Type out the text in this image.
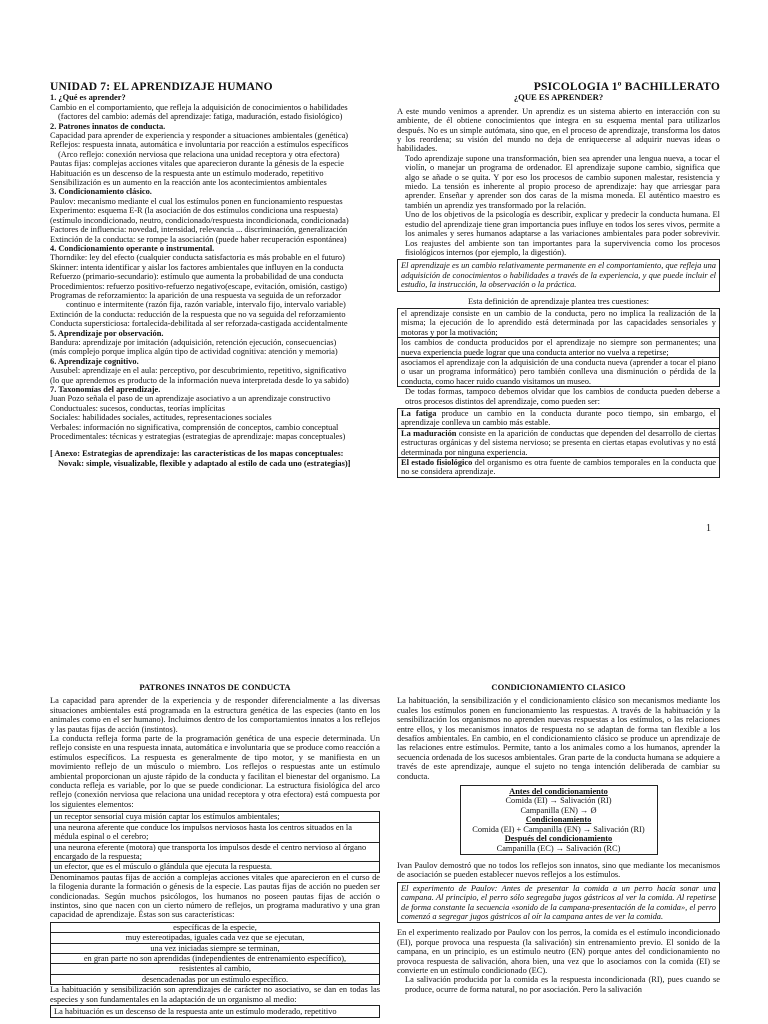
UNIDAD 7: EL APRENDIZAJE HUMANO
1. ¿Qué es aprender?
Cambio en el comportamiento, que refleja la adquisición de conocimientos o habilidades
(factores del cambio: además del aprendizaje: fatiga, maduración, estado fisiológico)
2. Patrones innatos de conducta.
Capacidad para aprender de experiencia y responder a situaciones ambientales (genética)
Reflejos: respuesta innata, automática e involuntaria por reacción a estímulos específicos
(Arco reflejo: conexión nerviosa que relaciona una unidad receptora y otra efectora)
Pautas fijas: complejas acciones vitales que aparecieron durante la génesis de la especie
Habituación es un descenso de la respuesta ante un estímulo moderado, repetitivo
Sensibilización es un aumento en la reacción ante los acontecimientos ambientales
3. Condicionamiento clásico.
Paulov: mecanismo mediante el cual los estímulos ponen en funcionamiento respuestas
Experimento: esquema E-R (la asociación de dos estímulos condiciona una respuesta)
(estímulo incondicionado, neutro, condicionado/respuesta incondicionada, condicionada)
Factores de influencia: novedad, intensidad, relevancia ... discriminación, generalización
Extinción de la conducta: se rompe la asociación (puede haber recuperación espontánea)
4. Condicionamiento operante o instrumental.
Thorndike: ley del efecto (cualquier conducta satisfactoria es más probable en el futuro)
Skinner: intenta identificar y aislar los factores ambientales que influyen en la conducta
Refuerzo (primario-secundario): estímulo que aumenta la probabilidad de una conducta
Procedimientos: refuerzo positivo-refuerzo negativo(escape, evitación, omisión, castigo)
Programas de reforzamiento: la aparición de una respuesta va seguida de un reforzador
continuo e intermitente (razón fija, razón variable, intervalo fijo, intervalo variable)
Extinción de la conducta: reducción de la respuesta que no va seguida del reforzamiento
Conducta supersticiosa: fortalecida-debilitada al ser reforzada-castigada accidentalmente
5. Aprendizaje por observación.
Bandura: aprendizaje por imitación (adquisición, retención ejecución, consecuencias)
(más complejo porque implica algún tipo de actividad cognitiva: atención y memoria)
6. Aprendizaje cognitivo.
Ausubel: aprendizaje en el aula: perceptivo, por descubrimiento, repetitivo, significativo
(lo que aprendemos es producto de la información nueva interpretada desde lo ya sabido)
7. Taxonomías del aprendizaje.
Juan Pozo señala el paso de un aprendizaje asociativo a un aprendizaje constructivo
Conductuales: sucesos, conductas, teorías implícitas
Sociales: habilidades sociales, actitudes, representaciones sociales
Verbales: información no significativa, comprensión de conceptos, cambio conceptual
Procedimentales: técnicas y estrategias (estrategias de aprendizaje: mapas conceptuales)
[ Anexo: Estrategias de aprendizaje: las características de los mapas conceptuales:
Novak: simple, visualizable, flexible y adaptado al estilo de cada uno (estrategias)]
PSICOLOGIA 1º BACHILLERATO
¿QUE ES APRENDER?
A este mundo venimos a aprender. Un aprendiz es un sistema abierto en interacción con su ambiente, de él obtiene conocimientos que integra en su esquema mental para utilizarlos después. No es un simple autómata, sino que, en el proceso de aprendizaje, transforma los datos y los reordena; su visión del mundo no deja de enriquecerse al adquirir nuevas ideas o habilidades.
Todo aprendizaje supone una transformación, bien sea aprender una lengua nueva, a tocar el violín, o manejar un programa de ordenador. El aprendizaje supone cambio, significa que algo se añade o se quita. Y por eso los procesos de cambio suponen malestar, resistencia y miedo. La tensión es inherente al propio proceso de aprendizaje: hay que arriesgar para aprender. Enseñar y aprender son dos caras de la misma moneda. El auténtico maestro es también un aprendiz yes transformado por la relación.
Uno de los objetivos de la psicología es describir, explicar y predecir la conducta humana. El estudio del aprendizaje tiene gran importancia pues influye en todos los seres vivos, permite a los animales y seres humanos adaptarse a las variaciones ambientales para poder sobrevivir. Los reajustes del ambiente son tan importantes para la supervivencia como los procesos fisiológicos internos (por ejemplo, la digestión).
El aprendizaje es un cambio relativamente permanente en el comportamiento, que refleja una adquisición de conocimientos o habilidades a través de la experiencia, y que puede incluir el estudio, la instrucción, la observación o la práctica.
Esta definición de aprendizaje plantea tres cuestiones:
el aprendizaje consiste en un cambio de la conducta, pero no implica la realización de la misma; la ejecución de lo aprendido está determinada por las capacidades sensoriales y motoras y por la motivación;
los cambios de conducta producidos por el aprendizaje no siempre son permanentes; una nueva experiencia puede lograr que una conducta anterior no vuelva a repetirse;
asociamos el aprendizaje con la adquisición de una conducta nueva (aprender a tocar el piano o usar un programa informático) pero también conlleva una disminución o pérdida de la conducta, como hacer ruido cuando visitamos un museo.
De todas formas, tampoco debemos olvidar que los cambios de conducta pueden deberse a otros procesos distintos del aprendizaje, como pueden ser:
La fatiga produce un cambio en la conducta durante poco tiempo, sin embargo, el aprendizaje conlleva un cambio más estable.
La maduración consiste en la aparición de conductas que dependen del desarrollo de ciertas estructuras orgánicas y del sistema nervioso; se presenta en ciertas etapas evolutivas y no está determinada por ninguna experiencia.
El estado fisiológico del organismo es otra fuente de cambios temporales en la conducta que no se considera aprendizaje.
1
PATRONES INNATOS DE CONDUCTA
La capacidad para aprender de la experiencia y de responder diferencialmente a las diversas situaciones ambientales está programada en la estructura genética de las especies (tanto en los animales como en el ser humano). Incluimos dentro de los comportamientos innatos a los reflejos y las pautas fijas de acción (instintos).
La conducta refleja forma parte de la programación genética de una especie determinada. Un reflejo consiste en una respuesta innata, automática e involuntaria que se produce como reacción a estímulos específicos. La respuesta es generalmente de tipo motor, y se manifiesta en un movimiento reflejo de un músculo o miembro. Los reflejos o respuestas ante un estímulo ambiental proporcionan un ajuste rápido de la conducta y facilitan el bienestar del organismo. La conducta refleja es variable, por lo que se puede condicionar. La estructura fisiológica del arco reflejo (conexión nerviosa que relaciona una unidad receptora y otra efectora) está compuesta por los siguientes elementos:
un receptor sensorial cuya misión captar los estímulos ambientales;
una neurona aferente que conduce los impulsos nerviosos hasta los centros situados en la médula espinal o el cerebro;
una neurona eferente (motora) que transporta los impulsos desde el centro nervioso al órgano encargado de la respuesta;
un efector, que es el músculo o glándula que ejecuta la respuesta.
Denominamos pautas fijas de acción a complejas acciones vitales que aparecieron en el curso de la filogenia durante la formación o génesis de la especie. Las pautas fijas de acción no pueden ser condicionadas. Según muchos psicólogos, los humanos no poseen pautas fijas de acción o instintos, sino que nacen con un cierto número de reflejos, un programa madurativo y una gran capacidad de aprendizaje. Éstas son sus características:
específicas de la especie,
muy estereotipadas, iguales cada vez que se ejecutan,
una vez iniciadas siempre se terminan,
en gran parte no son aprendidas (independientes de entrenamiento específico),
resistentes al cambio,
desencadenadas por un estímulo específico.
La habituación y sensibilización son aprendizajes de carácter no asociativo, se dan en todas las especies y son fundamentales en la adaptación de un organismo al medio:
La habituación es un descenso de la respuesta ante un estímulo moderado, repetitivo
CONDICIONAMIENTO CLASICO
La habituación, la sensibilización y el condicionamiento clásico son mecanismos mediante los cuales los estímulos ponen en funcionamiento las respuestas. A través de la habituación y la sensibilización los organismos no aprenden nuevas respuestas a los estímulos, o las relaciones entre ellos, y los mecanismos innatos de respuesta no se adaptan de forma tan flexible a los desafíos ambientales. En cambio, en el condicionamiento clásico se produce un aprendizaje de las relaciones entre estímulos. Permite, tanto a los animales como a los humanos, aprender la secuencia ordenada de los sucesos ambientales. Gran parte de la conducta humana se adquiere a través de este aprendizaje, aunque el sujeto no tenga intención deliberada de cambiar su conducta.
Antes del condicionamiento
Comida (EI) → Salivación (RI)
Campanilla (EN) → Ø
Condicionamiento
Comida (EI) + Campanilla (EN) → Salivación (RI)
Después del condicionamiento
Campanilla (EC) → Salivación (RC)
Ivan Paulov demostró que no todos los reflejos son innatos, sino que mediante los mecanismos de asociación se pueden establecer nuevos reflejos a los estímulos.
El experimento de Paulov: Antes de presentar la comida a un perro hacía sonar una campana. Al principio, el perro sólo segregaba jugos gástricos al ver la comida. Al repetirse de forma constante la secuencia «sonido de la campana-presentación de la comida», el perro comenzó a segregar jugos gástricos al oír la campana antes de ver la comida.
En el experimento realizado por Paulov con los perros, la comida es el estímulo incondicionado (EI), porque provoca una respuesta (la salivación) sin entrenamiento previo. El sonido de la campana, en un principio, es un estímulo neutro (EN) porque antes del condicionamiento no provoca respuesta de salivación, ahora bien, una vez que lo asociamos con la comida (EI) se convierte en un estímulo condicionado (EC).
La salivación producida por la comida es la respuesta incondicionada (RI), pues cuando se produce, ocurre de forma natural, no por asociación. Pero la salivación
